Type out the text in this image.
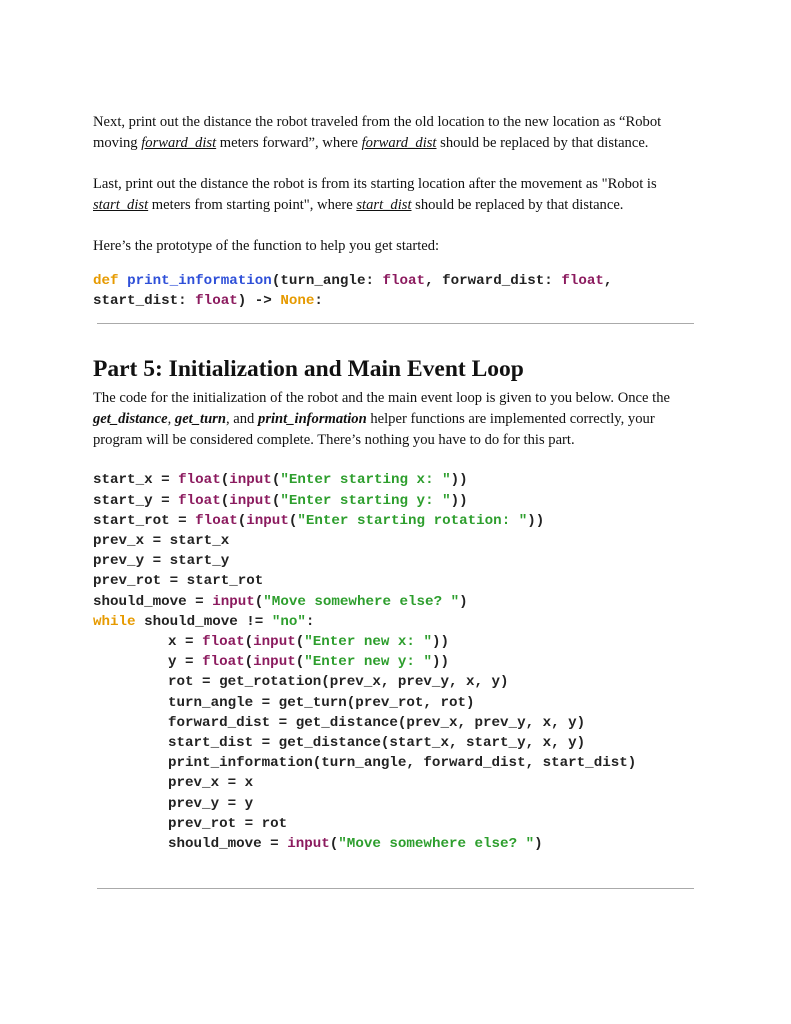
Next, print out the distance the robot traveled from the old location to the new location as “Robot moving forward_dist meters forward”, where forward_dist should be replaced by that distance.

Last, print out the distance the robot is from its starting location after the movement as "Robot is start_dist meters from starting point", where start_dist should be replaced by that distance.

Here’s the prototype of the function to help you get started:

def print_information(turn_angle: float, forward_dist: float,
start_dist: float) -> None:
Part 5: Initialization and Main Event Loop

The code for the initialization of the robot and the main event loop is given to you below. Once the get_distance, get_turn, and print_information helper functions are implemented correctly, your program will be considered complete. There’s nothing you have to do for this part.

start_x = float(input("Enter starting x: "))
start_y = float(input("Enter starting y: "))
start_rot = float(input("Enter starting rotation: "))
prev_x = start_x
prev_y = start_y
prev_rot = start_rot
should_move = input("Move somewhere else? ")
while should_move != "no":

x = float(input("Enter new x: "))
y = float(input("Enter new y: "))
rot = get_rotation(prev_x, prev_y, x, y)
turn_angle = get_turn(prev_rot, rot)
forward_dist = get_distance(prev_x, prev_y, x, y)
start_dist = get_distance(start_x, start_y, x, y)
print_information(turn_angle, forward_dist, start_dist)
prev_x = x
prev_y = y
prev_rot = rot
should_move = input("Move somewhere else? ")
